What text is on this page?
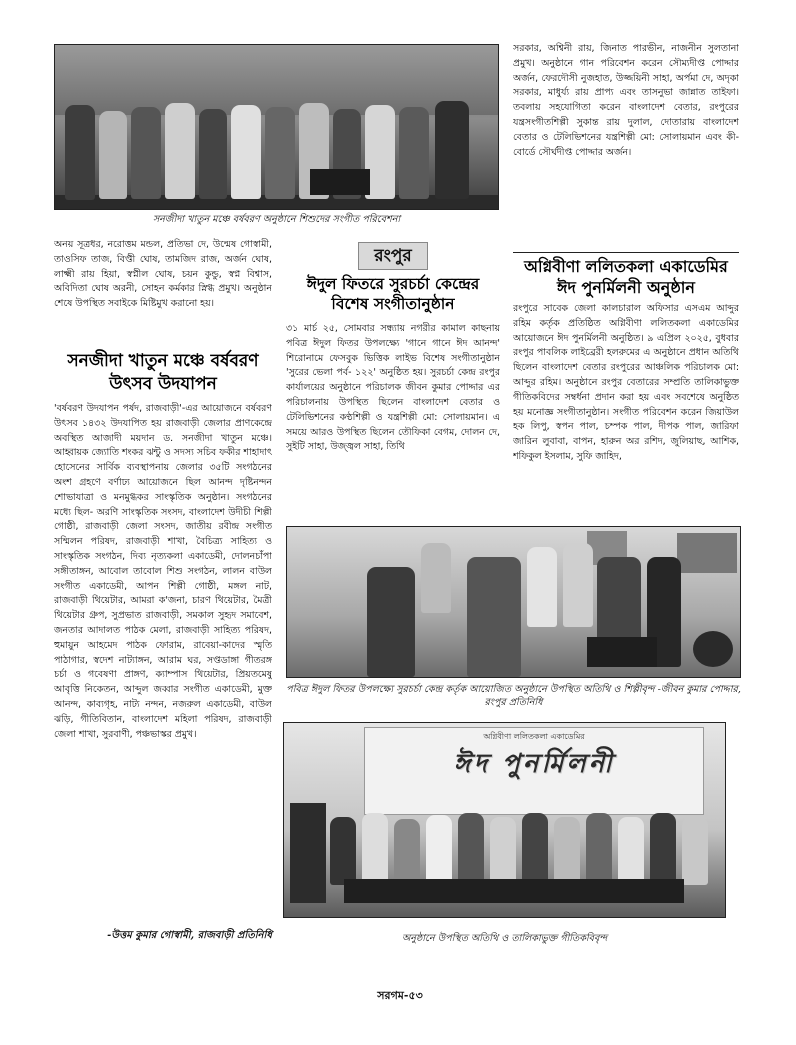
সনজীদা খাতুন মঞ্চে বর্ষবরণ অনুষ্ঠানে শিশুদের সংগীত পরিবেশনা
সরকার, অশ্বিনী রায়, জিনাত পারভীন, নাজনীন সুলতানা প্রমুখ। অনুষ্ঠানে গান পরিবেশন করেন সৌম্যদীপ্ত পোদ্দার অর্জন, ফেরদৌসী নুজহাত, উজ্জয়িনী সাহা, অর্পমা দে, অদৃকা সরকার, মাধুর্য্য রায় প্রাপ্য এবং তাসনুভা জান্নাত তাইফা। তবলায় সহযোগিতা করেন বাংলাদেশ বেতার, রংপুরের যন্ত্রসংগীতশিল্পী সুকান্ত রায় দুলাল, দোতারায় বাংলাদেশ বেতার ও টেলিভিশনের যন্ত্রশিল্পী মো: সোলায়মান এবং কী-বোর্ডে সৌর্ঘদীপ্ত পোদ্দার অর্জন।
অনয় সূত্রধর, নরোত্তম মন্ডল, প্রতিভা দে, উন্মেষ গোস্বামী, তাওসিফ তাজ, বিপ্তী ঘোষ, তামজিদ রাজ, অর্জন ঘোষ, লাক্ষ্মী রায় হিয়া, স্বপ্নীল ঘোষ, চয়ন কুন্ডু, স্বপ্ন বিশ্বাস, অবিদিতা ঘোষ অরনী, সোহন কর্মকার স্নিগ্ধ প্রমুখ। অনুষ্ঠান শেষে উপস্থিত সবাইকে মিষ্টিমুখ করানো হয়।
সনজীদা খাতুন মঞ্চে বর্ষবরণ উৎসব উদযাপন
'বর্ষবরণ উদযাপন পর্ষদ, রাজবাড়ী'-এর আয়োজনে বর্ষবরণ উৎসব ১৪৩২ উদযাপিত হয় রাজবাড়ী জেলার প্রাণকেন্দ্রে অবস্থিত আজাদী ময়দান ড. সনজীদা খাতুন মঞ্চে। আহ্বায়ক জ্যোতি শংকর ঝন্টু ও সদস্য সচিব ফকীর শাহাদাৎ হোসেনের সার্বিক ব্যবস্থাপনায় জেলার ৩৫টি সংগঠনের অংশ গ্রহণে বর্ণাঢ্য আয়োজনে ছিল আনন্দ দৃষ্টিনন্দন শোভাযাত্রা ও মনমুগ্ধকর সাংস্কৃতিক অনুষ্ঠান। সংগঠনের মধ্যে ছিল- অরণি সাংস্কৃতিক সংসদ, বাংলাদেশ উদীচী শিল্পী গোষ্ঠী, রাজবাড়ী জেলা সংসদ, জাতীয় রবীন্দ্র সংগীত সম্মিলন পরিষদ, রাজবাড়ী শাখা, বৈচিত্র্য সাহিত্য ও সাংস্কৃতিক সংগঠন, দিব্য নৃত্যকলা একাডেমী, দোলনচাঁপা সঙ্গীতাঙ্গন, আবোল তাবোল শিশু সংগঠন, লালন বাউল সংগীত একাডেমী, আপন শিল্পী গোষ্ঠী, মঙ্গল নাট, রাজবাড়ী থিয়েটার, আমরা ক'জনা, চারণ থিয়েটার, মৈত্রী থিয়েটার গ্রুপ, সুপ্রভাত রাজবাড়ী, সমকাল সুহৃদ সমাবেশ, জনতার আদালত পাঠক মেলা, রাজবাড়ী সাহিত্য পরিষদ, হুমায়ুন আহমেদ পাঠক ফোরাম, রাবেয়া-কাদের স্মৃতি পাঠাগার, স্বদেশ নাট্যাঙ্গন, আরাম ঘর, সপ্তডাঙ্গা গীতরঙ্গ চর্চা ও গবেষণা প্রাঙ্গণ, ক্যাম্পাস থিয়েটার, প্রিয়তমেষু আবৃত্তি নিকেতন, আব্দুল জব্বার সংগীত একাডেমী, মুক্ত আনন্দ, কাব্যগৃহ, নাট্য নন্দন, নজরুল একাডেমী, বাউল ঝড়ি, গীতিবিতান, বাংলাদেশ মহিলা পরিষদ, রাজবাড়ী জেলা শাখা, সুরবাণী, পঞ্চভাস্কর প্রমুখ।
-উত্তম কুমার গোস্বামী, রাজবাড়ী প্রতিনিধি
রংপুর
ঈদুল ফিতরে সুরচর্চা কেন্দ্রের বিশেষ সংগীতানুষ্ঠান
৩১ মার্চ ২৫, সোমবার সন্ধ্যায় নগরীর কামাল কাছনায় পবিত্র ঈদুল ফিতর উপলক্ষ্যে 'গানে গানে ঈদ আনন্দ' শিরোনামে ফেসবুক ভিত্তিক লাইভ বিশেষ সংগীতানুষ্ঠান 'সুরের ভেলা পর্ব- ১২২' অনুষ্ঠিত হয়। সুরচর্চা কেন্দ্র রংপুর কার্যালয়ের অনুষ্ঠানে পরিচালক জীবন কুমার পোদ্দার এর পরিচালনায় উপস্থিত ছিলেন বাংলাদেশ বেতার ও টেলিভিশনের কণ্ঠশিল্পী ও যন্ত্রশিল্পী মো: সোলায়মান। এ সময়ে আরও উপস্থিত ছিলেন তৌফিকা বেগম, দোলন দে, সুইটি সাহা, উজ্জ্বল সাহা, তিথি
অগ্নিবীণা ললিতকলা একাডেমির ঈদ পুনর্মিলনী অনুষ্ঠান
রংপুরে সাবেক জেলা কালচারাল অফিসার এসএম আব্দুর রহিম কর্তৃক প্রতিষ্ঠিত অগ্নিবীণা ললিতকলা একাডেমির আয়োজনে ঈদ পুনর্মিলনী অনুষ্ঠিত। ৯ এপ্রিল ২০২৫, বুধবার রংপুর পাবলিক লাইব্রেরী হলরুমের এ অনুষ্ঠানে প্রধান অতিথি ছিলেন বাংলাদেশ বেতার রংপুরের আঞ্চলিক পরিচালক মো: আব্দুর রহিম। অনুষ্ঠানে রংপুর বেতারের সম্প্রতি তালিকাভুক্ত গীতিকবিদের সম্বর্ধনা প্রদান করা হয় এবং সবশেষে অনুষ্ঠিত হয় মনোজ্ঞ সংগীতানুষ্ঠান। সংগীত পরিবেশন করেন জিয়াউল হক লিপু, স্বপন পাল, চম্পক পাল, দীপক পাল, জারিফা জারিন লুবাবা, বাপন, হারুন অর রশিদ, জুলিয়াছ, আশিক, শফিকুল ইসলাম, সুফি জাহিদ,
পবিত্র ঈদুল ফিতর উপলক্ষ্যে সুরচর্চা কেন্দ্র কর্তৃক আয়োজিত অনুষ্ঠানে উপস্থিত অতিথি ও শিল্পীবৃন্দ -জীবন কুমার পোদ্দার, রংপুর প্রতিনিধি
অগ্নিবীণা ললিতকলা একাডেমির
ঈদ পুনর্মিলনী
অনুষ্ঠানে উপস্থিত অতিথি ও তালিকাভুক্ত গীতিকবিবৃন্দ
সরগম-৫৩
